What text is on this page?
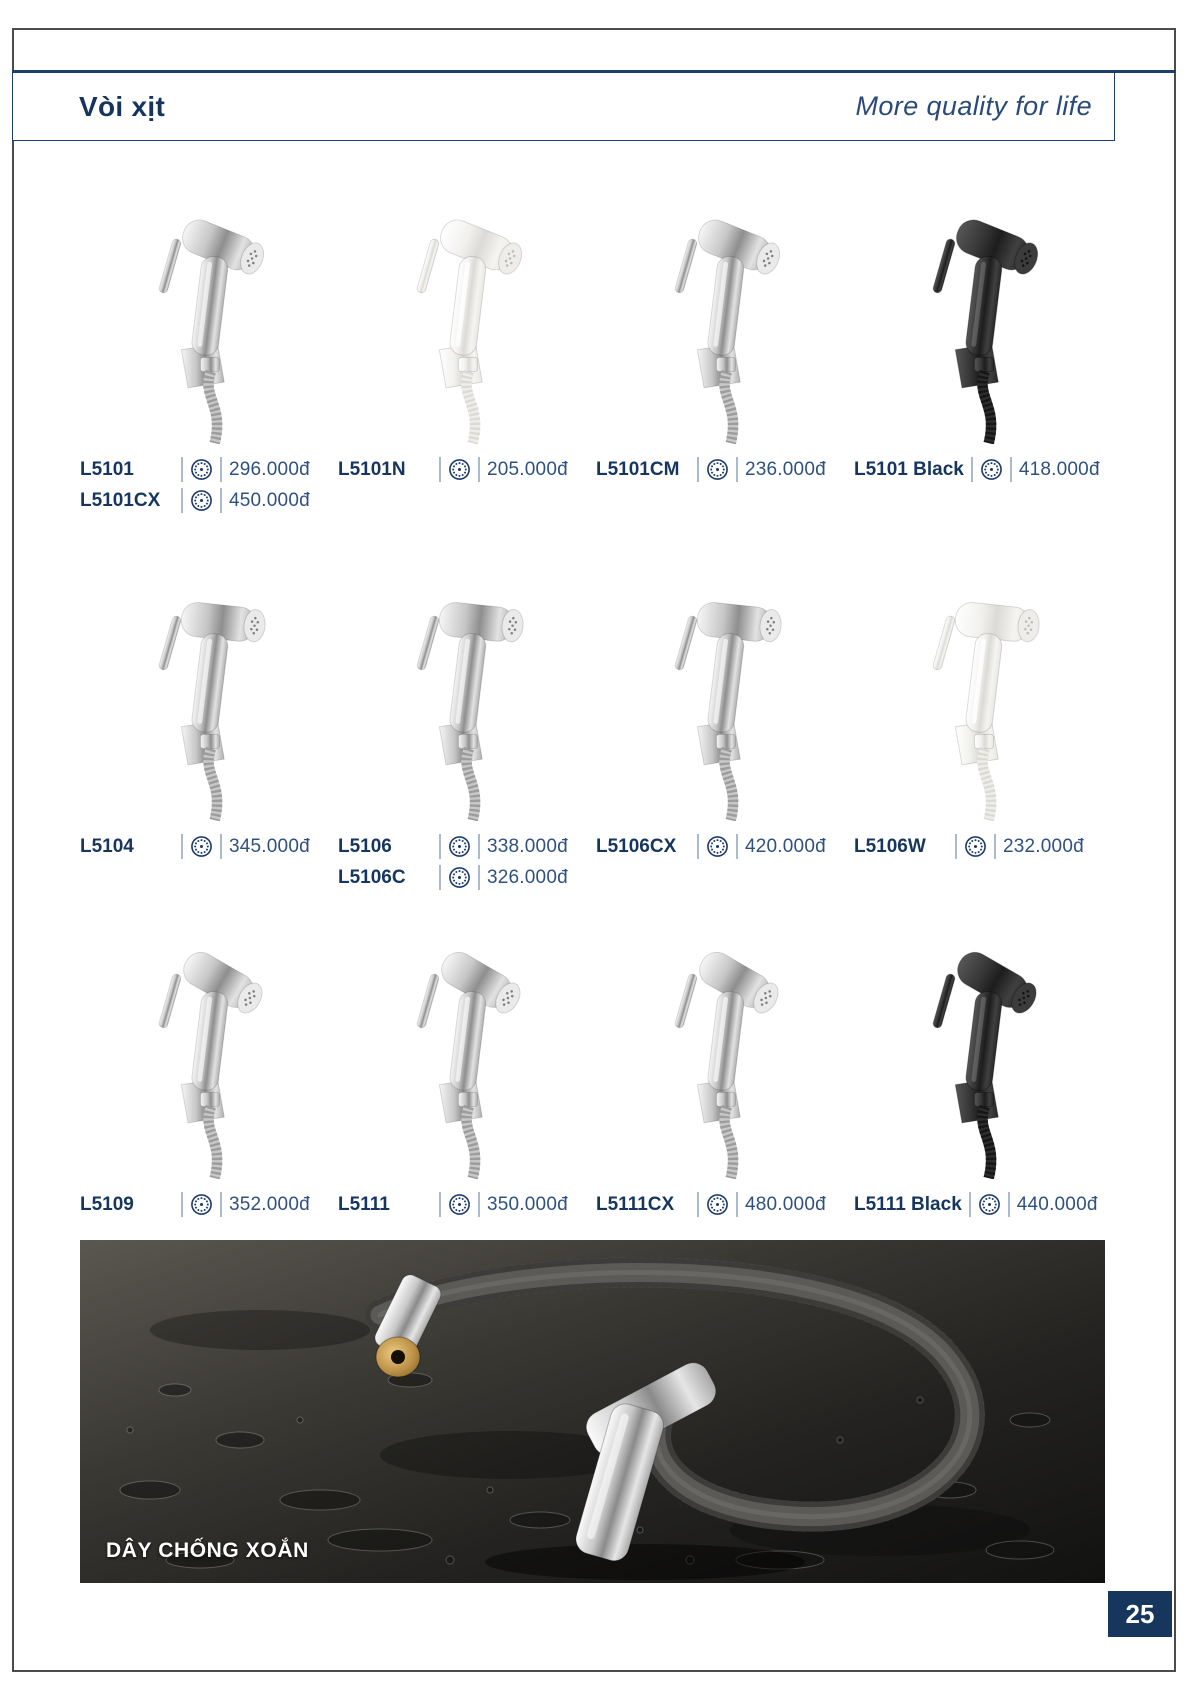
Vòi xịt	More quality for life
L5101	296.000đ
L5101CX	450.000đ
L5101N	205.000đ L5101CM	236.000đ L5101 Black	418.000đ
L5104	345.000đ L5106	338.000đ
L5106C	326.000đ
L5106CX	420.000đ L5106W	232.000đ
L5109	352.000đ L5111	350.000đ L5111CX	480.000đ L5111 Black	440.000đ
DÂY CHỐNG XOẮN
25
